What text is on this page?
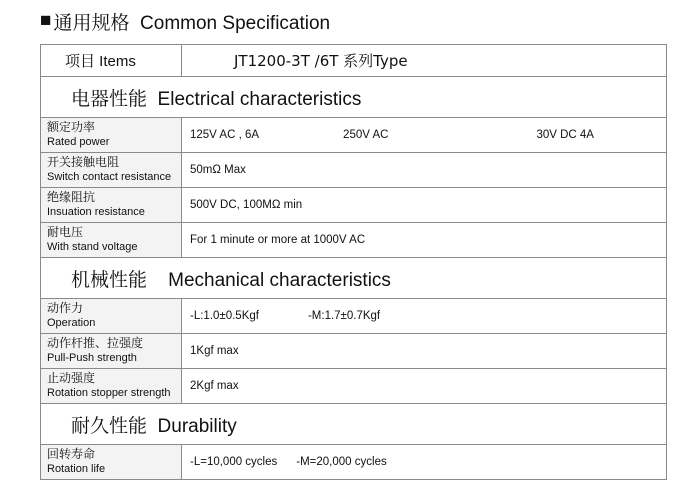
■ 通用规格  Common Specification
项目 Items	JT1200-3T /6T 系列Type
电器性能  Electrical characteristics	

额定功率
Rated power	125V AC , 6A 250V AC 30V DC 4A

开关接触电阻
Switch contact resistance	50mΩ Max

绝缘阻抗
Insuation resistance	500V DC, 100MΩ min

耐电压
With stand voltage	For 1 minute or more at 1000V AC
机械性能    Mechanical characteristics	

动作力
Operation	-L:1.0±0.5Kgf -M:1.7±0.7Kgf

动作杆推、拉强度
Pull-Push strength	1Kgf max

止动强度
Rotation stopper strength	2Kgf max
耐久性能  Durability	

回转寿命
Rotation life	-L=10,000 cycles -M=20,000 cycles
